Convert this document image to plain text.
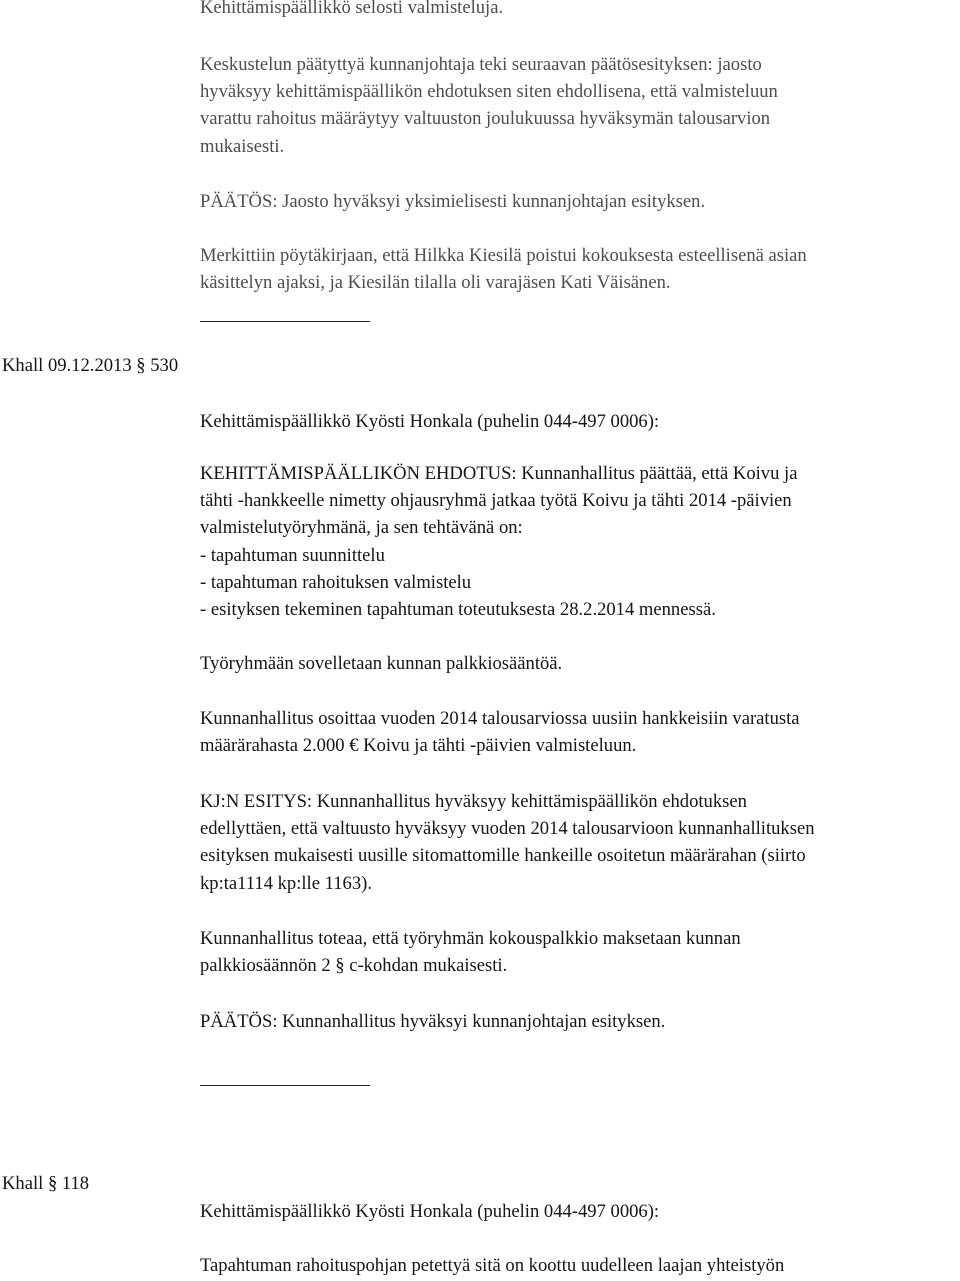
Kehittämispäällikkö selosti valmisteluja.

Keskustelun päätyttyä kunnanjohtaja teki seuraavan päätösesityksen: jaosto
hyväksyy kehittämispäällikön ehdotuksen siten ehdollisena, että valmisteluun
varattu rahoitus määräytyy valtuuston joulukuussa hyväksymän talousarvion
mukaisesti.

PÄÄTÖS: Jaosto hyväksyi yksimielisesti kunnanjohtajan esityksen.

Merkittiin pöytäkirjaan, että Hilkka Kiesilä poistui kokouksesta esteellisenä asian
käsittelyn ajaksi, ja Kiesilän tilalla oli varajäsen Kati Väisänen.

Khall 09.12.2013 § 530

Kehittämispäällikkö Kyösti Honkala (puhelin 044-497 0006):

KEHITTÄMISPÄÄLLIKÖN EHDOTUS: Kunnanhallitus päättää, että Koivu ja
tähti -hankkeelle nimetty ohjausryhmä jatkaa työtä Koivu ja tähti 2014 -päivien
valmistelutyöryhmänä, ja sen tehtävänä on:
- tapahtuman suunnittelu
- tapahtuman rahoituksen valmistelu
- esityksen tekeminen tapahtuman toteutuksesta 28.2.2014 mennessä.

Työryhmään sovelletaan kunnan palkkiosääntöä.

Kunnanhallitus osoittaa vuoden 2014 talousarviossa uusiin hankkeisiin varatusta
määrärahasta 2.000 € Koivu ja tähti -päivien valmisteluun.

KJ:N ESITYS: Kunnanhallitus hyväksyy kehittämispäällikön ehdotuksen
edellyttäen, että valtuusto hyväksyy vuoden 2014 talousarvioon kunnanhallituksen
esityksen mukaisesti uusille sitomattomille hankeille osoitetun määrärahan (siirto
kp:ta1114 kp:lle 1163).

Kunnanhallitus toteaa, että työryhmän kokouspalkkio maksetaan kunnan
palkkiosäännön 2 § c-kohdan mukaisesti.

PÄÄTÖS: Kunnanhallitus hyväksyi kunnanjohtajan esityksen.

Khall § 118

Kehittämispäällikkö Kyösti Honkala (puhelin 044-497 0006):

Tapahtuman rahoituspohjan petettyä sitä on koottu uudelleen laajan yhteistyön
